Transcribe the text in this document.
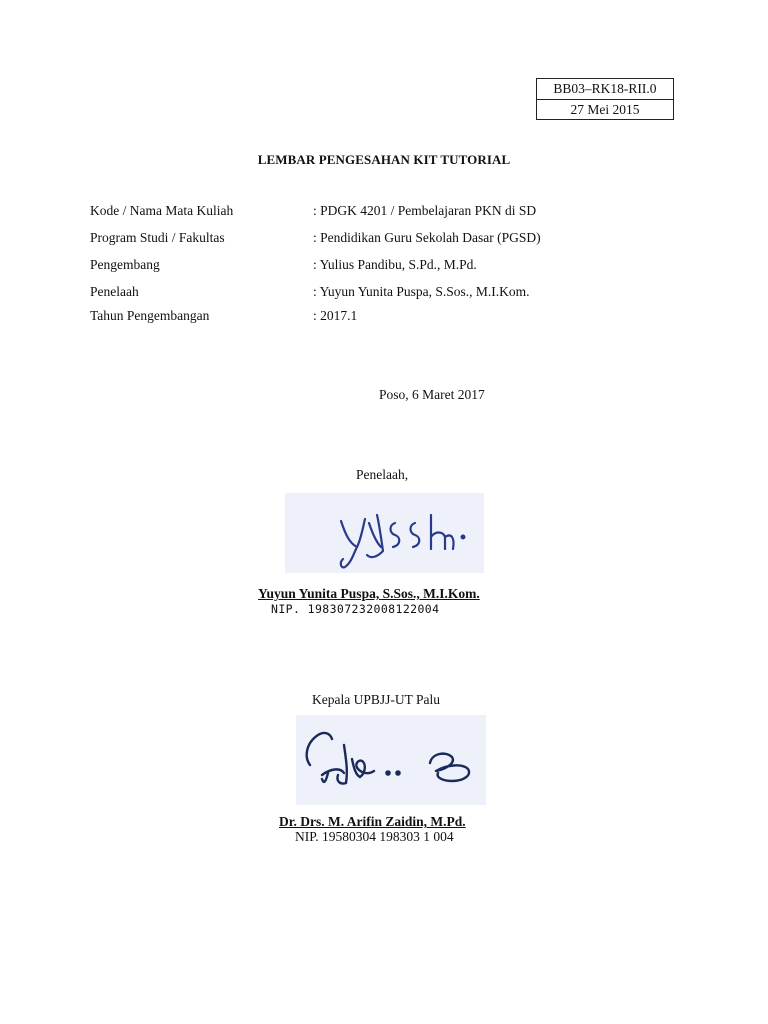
BB03–RK18-RII.0
27 Mei 2015
LEMBAR PENGESAHAN KIT TUTORIAL
Kode / Nama Mata Kuliah	: PDGK 4201 / Pembelajaran PKN di SD
Program Studi / Fakultas	: Pendidikan Guru Sekolah Dasar (PGSD)
Pengembang	: Yulius Pandibu, S.Pd., M.Pd.
Penelaah	: Yuyun Yunita Puspa, S.Sos., M.I.Kom.
Tahun Pengembangan	: 2017.1
Poso, 6 Maret 2017
Penelaah,
Yuyun Yunita Puspa, S.Sos., M.I.Kom.
NIP. 198307232008122004
Kepala UPBJJ-UT Palu
Dr. Drs. M. Arifin Zaidin, M.Pd.
NIP. 19580304 198303 1 004
